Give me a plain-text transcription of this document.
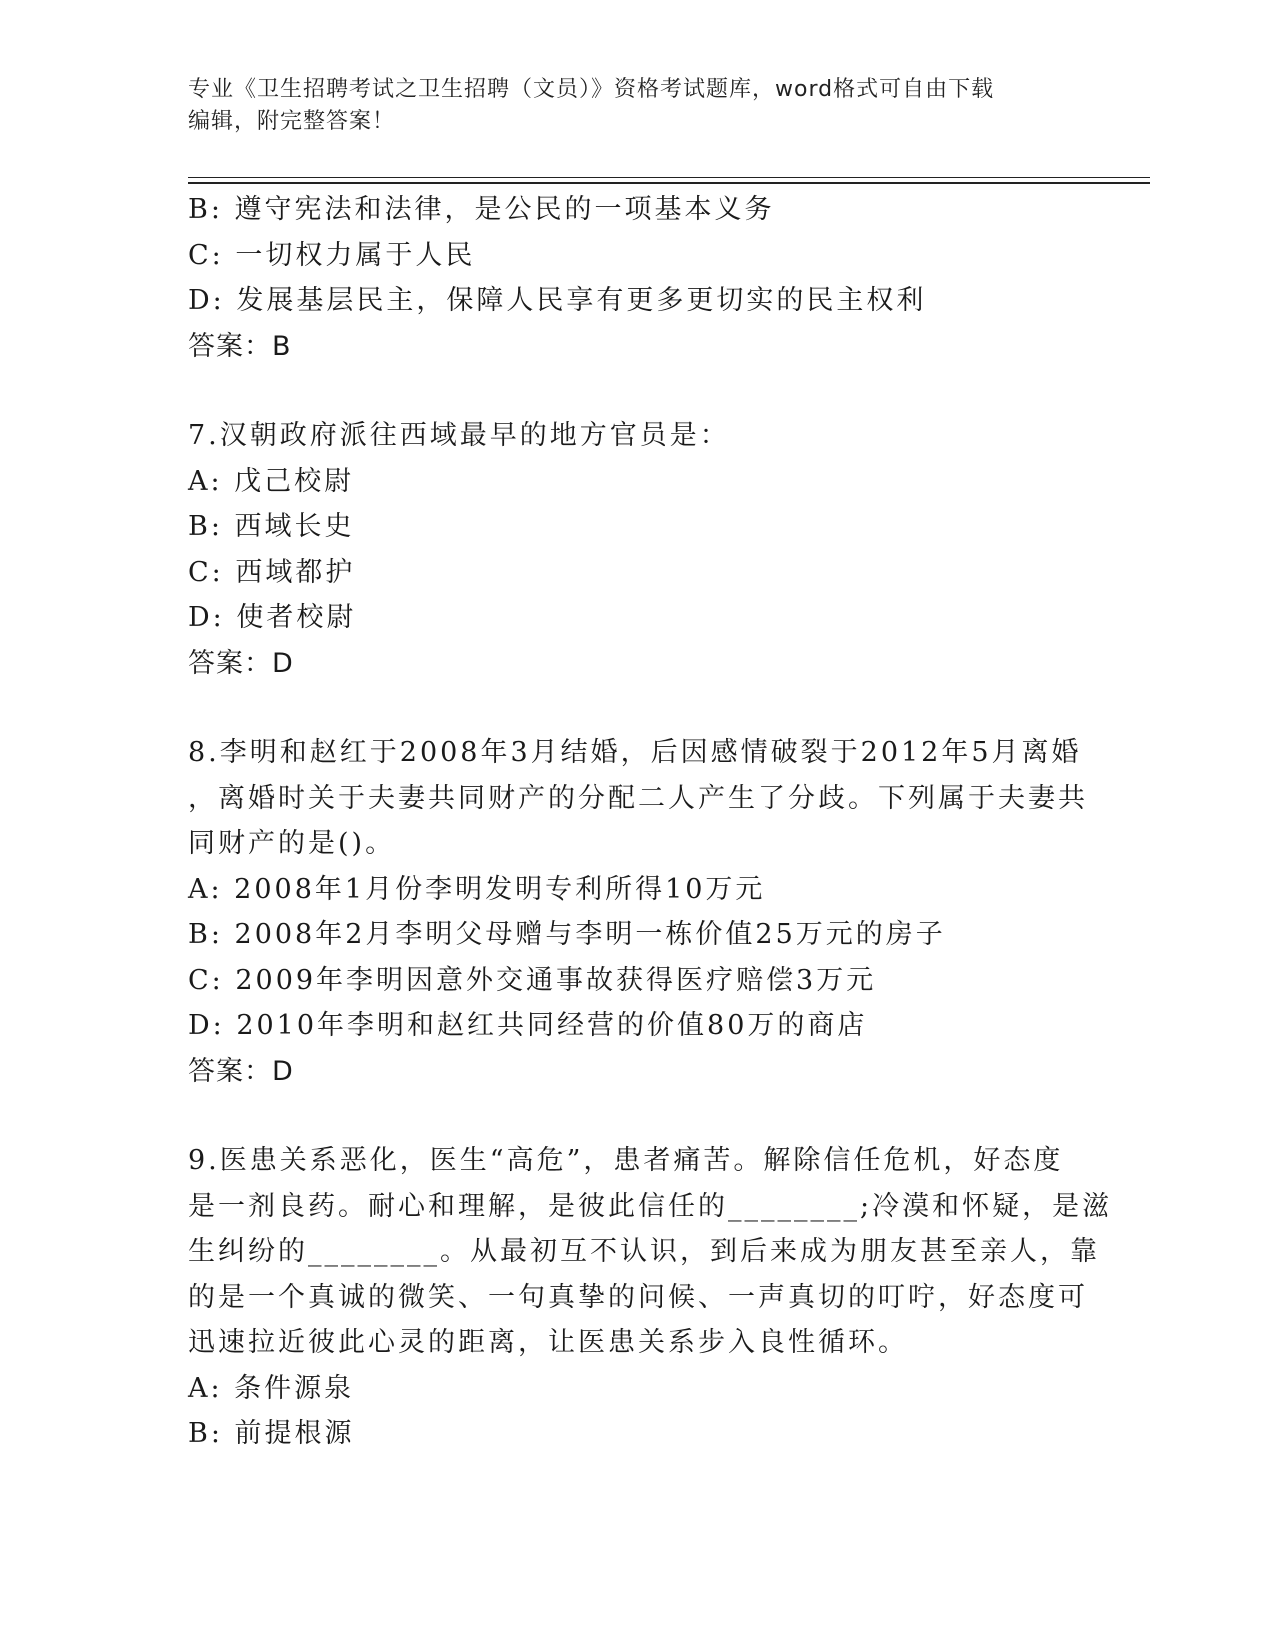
专业《卫生招聘考试之卫生招聘（文员）》资格考试题库，word格式可自由下载
编辑，附完整答案！
B: 遵守宪法和法律，是公民的一项基本义务
C: 一切权力属于人民
D: 发展基层民主，保障人民享有更多更切实的民主权利
答案：B
7.汉朝政府派往西域最早的地方官员是：
A: 戊己校尉
B: 西域长史
C: 西域都护
D: 使者校尉
答案：D
8.李明和赵红于2008年3月结婚，后因感情破裂于2012年5月离婚
，离婚时关于夫妻共同财产的分配二人产生了分歧。下列属于夫妻共
同财产的是()。
A: 2008年1月份李明发明专利所得10万元
B: 2008年2月李明父母赠与李明一栋价值25万元的房子
C: 2009年李明因意外交通事故获得医疗赔偿3万元
D: 2010年李明和赵红共同经营的价值80万的商店
答案：D
9.医患关系恶化，医生“高危”，患者痛苦。解除信任危机，好态度
是一剂良药。耐心和理解，是彼此信任的________;冷漠和怀疑，是滋
生纠纷的________。从最初互不认识，到后来成为朋友甚至亲人，靠
的是一个真诚的微笑、一句真挚的问候、一声真切的叮咛，好态度可
迅速拉近彼此心灵的距离，让医患关系步入良性循环。
A: 条件源泉
B: 前提根源
